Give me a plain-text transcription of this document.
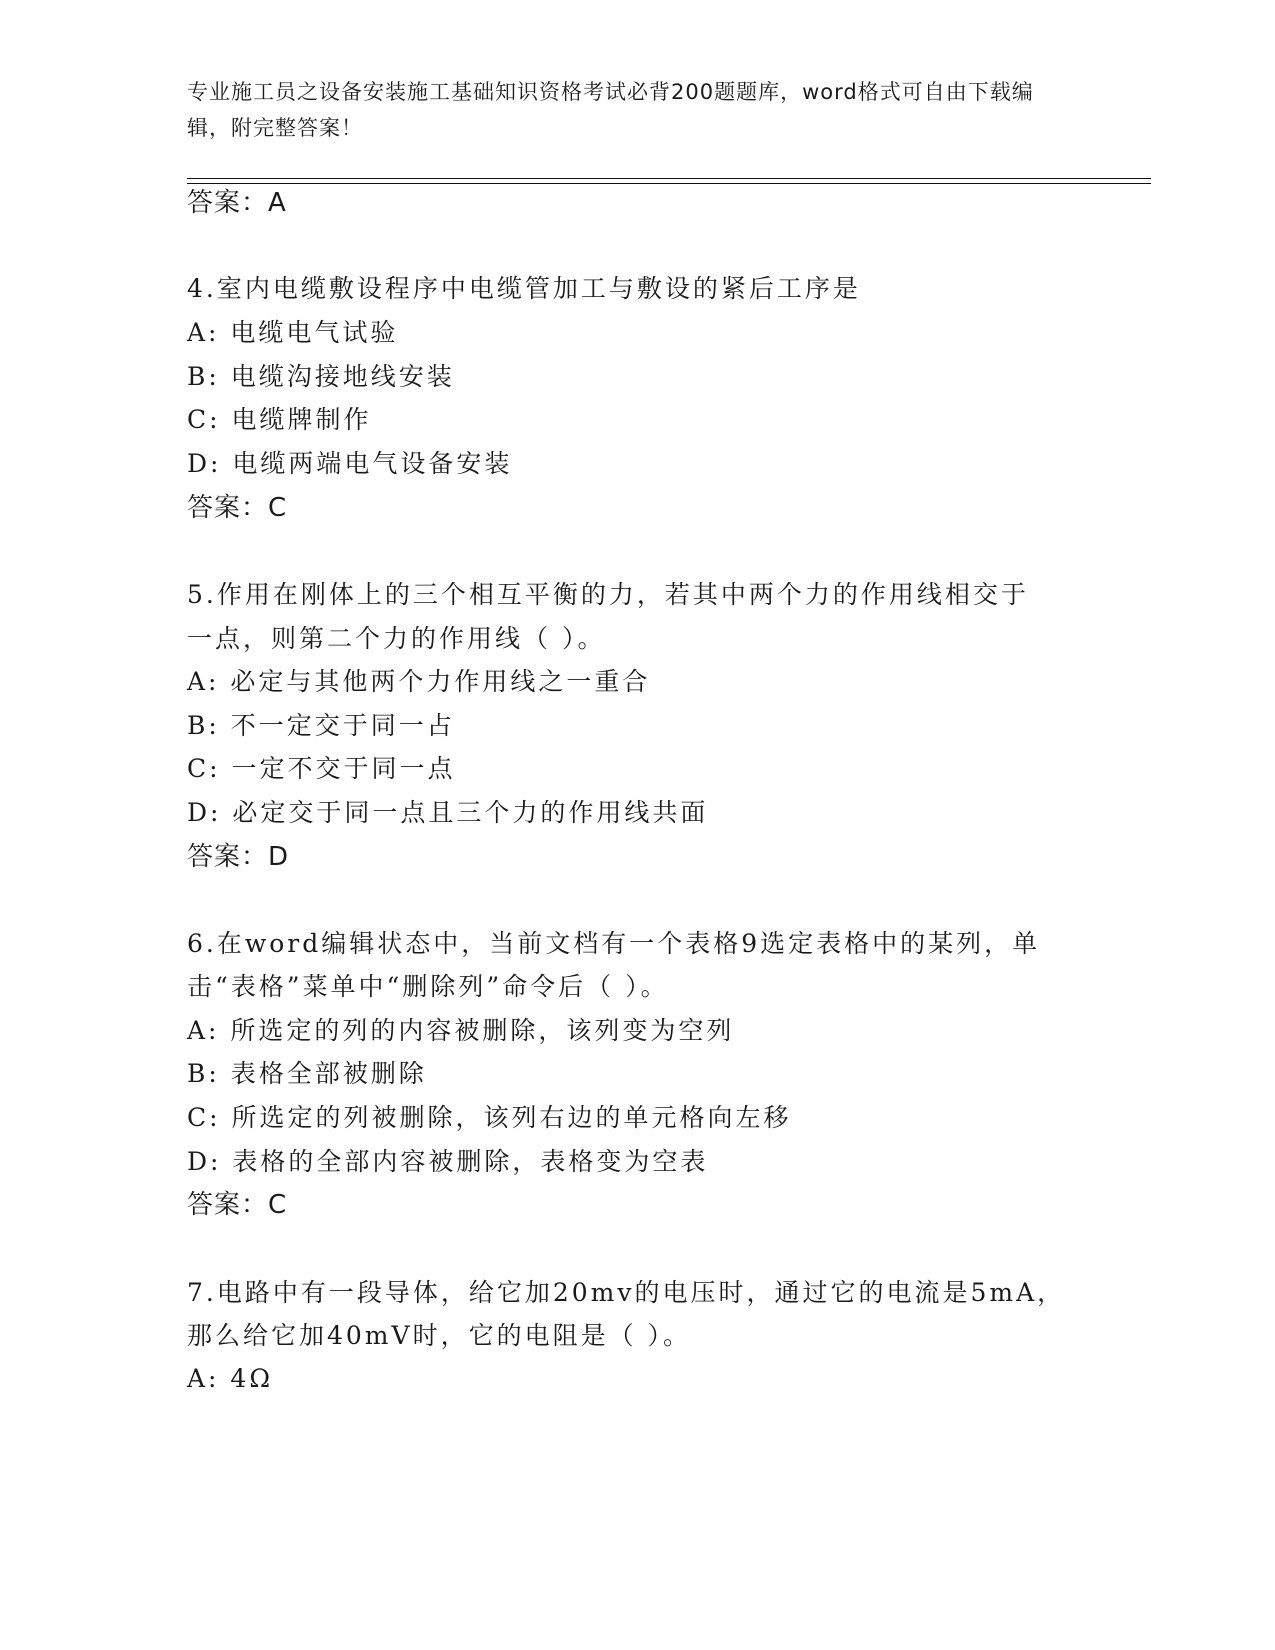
专业施工员之设备安装施工基础知识资格考试必背200题题库，word格式可自由下载编辑，附完整答案！
答案：A
4.室内电缆敷设程序中电缆管加工与敷设的紧后工序是
A: 电缆电气试验
B: 电缆沟接地线安装
C: 电缆牌制作
D: 电缆两端电气设备安装
答案：C
5.作用在刚体上的三个相互平衡的力，若其中两个力的作用线相交于
一点，则第二个力的作用线（ ）。
A: 必定与其他两个力作用线之一重合
B: 不一定交于同一占
C: 一定不交于同一点
D: 必定交于同一点且三个力的作用线共面
答案：D
6.在word编辑状态中，当前文档有一个表格9选定表格中的某列，单
击“表格”菜单中“删除列”命令后（ ）。
A: 所选定的列的内容被删除，该列变为空列
B: 表格全部被删除
C: 所选定的列被删除，该列右边的单元格向左移
D: 表格的全部内容被删除，表格变为空表
答案：C
7.电路中有一段导体，给它加20mv的电压时，通过它的电流是5mA，
那么给它加40mV时，它的电阻是（ ）。
A: 4Ω
